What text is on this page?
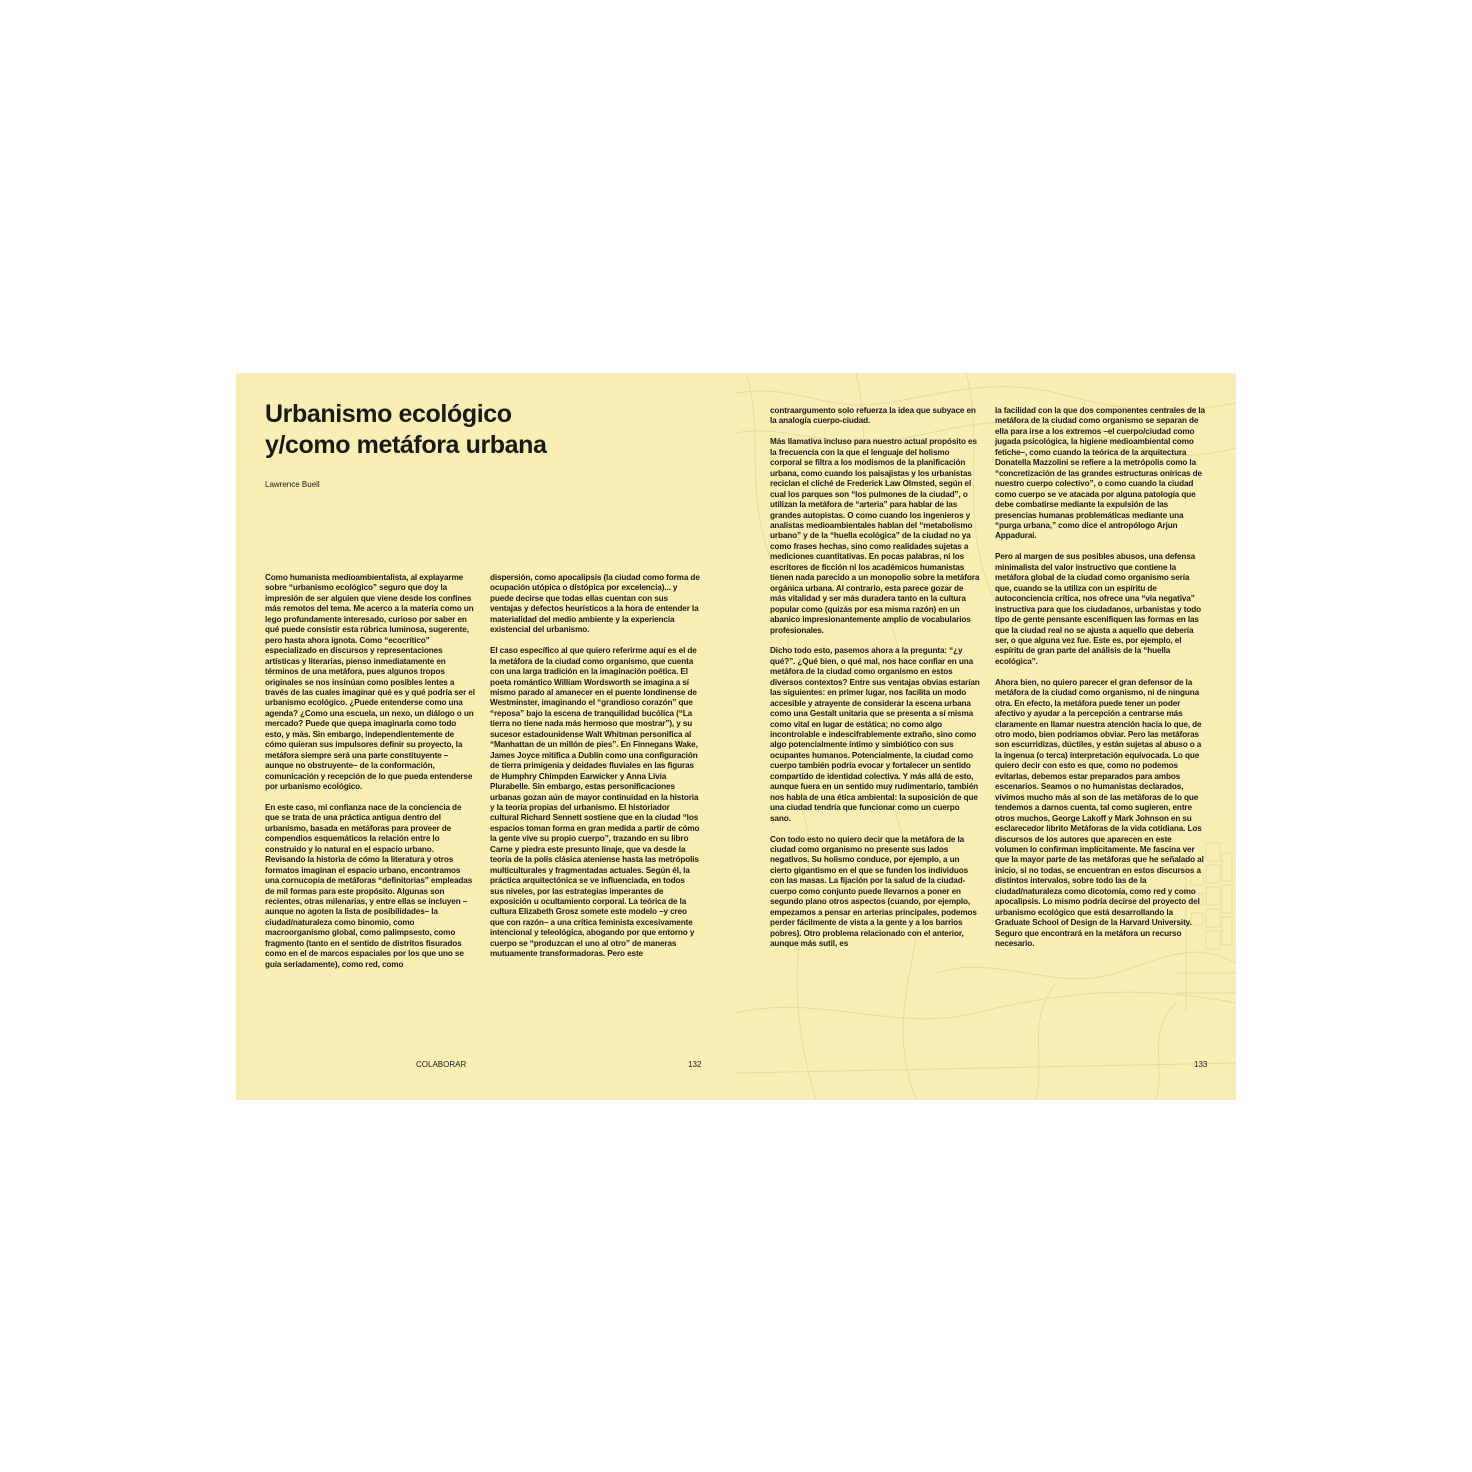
Urbanismo ecológico
y/como metáfora urbana
Lawrence Buell

Como humanista medioambientalista, al explayarme sobre “urbanismo ecológico” seguro que doy la impresión de ser alguien que viene desde los confines más remotos del tema. Me acerco a la materia como un lego profundamente interesado, curioso por saber en qué puede consistir esta rúbrica luminosa, sugerente, pero hasta ahora ignota. Como “ecocrítico” especializado en discursos y representaciones artísticas y literarias, pienso inmediatamente en términos de una metáfora, pues algunos tropos originales se nos insinúan como posibles lentes a través de las cuales imaginar qué es y qué podría ser el urbanismo ecológico. ¿Puede entenderse como una agenda? ¿Como una escuela, un nexo, un diálogo o un mercado? Puede que quepa imaginarla como todo esto, y más. Sin embargo, independientemente de cómo quieran sus impulsores definir su proyecto, la metáfora siempre será una parte constituyente –aunque no obstruyente– de la conformación, comunicación y recepción de lo que pueda entenderse por urbanismo ecológico.

En este caso, mi confianza nace de la conciencia de que se trata de una práctica antigua dentro del urbanismo, basada en metáforas para proveer de compendios esquemáticos la relación entre lo construido y lo natural en el espacio urbano. Revisando la historia de cómo la literatura y otros formatos imaginan el espacio urbano, encontramos una cornucopia de metáforas “definitorias” empleadas de mil formas para este propósito. Algunas son recientes, otras milenarias, y entre ellas se incluyen –aunque no agoten la lista de posibilidades– la ciudad/naturaleza como binomio, como macroorganismo global, como palimpsesto, como fragmento (tanto en el sentido de distritos fisurados como en el de marcos espaciales por los que uno se guía seriadamente), como red, como

dispersión, como apocalipsis (la ciudad como forma de ocupación utópica o distópica por excelencia)... y puede decirse que todas ellas cuentan con sus ventajas y defectos heurísticos a la hora de entender la materialidad del medio ambiente y la experiencia existencial del urbanismo.

El caso específico al que quiero referirme aquí es el de la metáfora de la ciudad como organismo, que cuenta con una larga tradición en la imaginación poética. El poeta romántico William Wordsworth se imagina a sí mismo parado al amanecer en el puente londinense de Westminster, imaginando el “grandioso corazón” que “reposa” bajo la escena de tranquilidad bucólica (“La tierra no tiene nada más hermoso que mostrar”), y su sucesor estadounidense Walt Whitman personifica al “Manhattan de un millón de pies”. En Finnegans Wake, James Joyce mitifica a Dublín como una configuración de tierra primigenia y deidades fluviales en las figuras de Humphry Chimpden Earwicker y Anna Livia Plurabelle. Sin embargo, estas personificaciones urbanas gozan aún de mayor continuidad en la historia y la teoría propias del urbanismo. El historiador cultural Richard Sennett sostiene que en la ciudad “los espacios toman forma en gran medida a partir de cómo la gente vive su propio cuerpo”, trazando en su libro Carne y piedra este presunto linaje, que va desde la teoría de la polis clásica ateniense hasta las metrópolis multiculturales y fragmentadas actuales. Según él, la práctica arquitectónica se ve influenciada, en todos sus niveles, por las estrategias imperantes de exposición u ocultamiento corporal. La teórica de la cultura Elizabeth Grosz somete este modelo –y creo que con razón– a una crítica feminista excesivamente intencional y teleológica, abogando por que entorno y cuerpo se “produzcan el uno al otro” de maneras mutuamente transformadoras. Pero este

contraargumento solo refuerza la idea que subyace en la analogía cuerpo-ciudad.

Más llamativa incluso para nuestro actual propósito es la frecuencia con la que el lenguaje del holismo corporal se filtra a los modismos de la planificación urbana, como cuando los paisajistas y los urbanistas reciclan el cliché de Frederick Law Olmsted, según el cual los parques son “los pulmones de la ciudad”, o utilizan la metáfora de “arteria” para hablar de las grandes autopistas. O como cuando los ingenieros y analistas medioambientales hablan del “metabolismo urbano” y de la “huella ecológica” de la ciudad no ya como frases hechas, sino como realidades sujetas a mediciones cuantitativas. En pocas palabras, ni los escritores de ficción ni los académicos humanistas tienen nada parecido a un monopolio sobre la metáfora orgánica urbana. Al contrario, esta parece gozar de más vitalidad y ser más duradera tanto en la cultura popular como (quizás por esa misma razón) en un abanico impresionantemente amplio de vocabularios profesionales.

Dicho todo esto, pasemos ahora a la pregunta: “¿y qué?”. ¿Qué bien, o qué mal, nos hace confiar en una metáfora de la ciudad como organismo en estos diversos contextos? Entre sus ventajas obvias estarían las siguientes: en primer lugar, nos facilita un modo accesible y atrayente de considerar la escena urbana como una Gestalt unitaria que se presenta a sí misma como vital en lugar de estática; no como algo incontrolable e indescifrablemente extraño, sino como algo potencialmente íntimo y simbiótico con sus ocupantes humanos. Potencialmente, la ciudad como cuerpo también podría evocar y fortalecer un sentido compartido de identidad colectiva. Y más allá de esto, aunque fuera en un sentido muy rudimentario, también nos habla de una ética ambiental: la suposición de que una ciudad tendría que funcionar como un cuerpo sano.

Con todo esto no quiero decir que la metáfora de la ciudad como organismo no presente sus lados negativos. Su holismo conduce, por ejemplo, a un cierto gigantismo en el que se funden los individuos con las masas. La fijación por la salud de la ciudad-cuerpo como conjunto puede llevarnos a poner en segundo plano otros aspectos (cuando, por ejemplo, empezamos a pensar en arterias principales, podemos perder fácilmente de vista a la gente y a los barrios pobres). Otro problema relacionado con el anterior, aunque más sutil, es

la facilidad con la que dos componentes centrales de la metáfora de la ciudad como organismo se separan de ella para irse a los extremos –el cuerpo/ciudad como jugada psicológica, la higiene medioambiental como fetiche–, como cuando la teórica de la arquitectura Donatella Mazzolini se refiere a la metrópolis como la “concretización de las grandes estructuras oníricas de nuestro cuerpo colectivo”, o como cuando la ciudad como cuerpo se ve atacada por alguna patología que debe combatirse mediante la expulsión de las presencias humanas problemáticas mediante una “purga urbana,” como dice el antropólogo Arjun Appadurai.

Pero al margen de sus posibles abusos, una defensa minimalista del valor instructivo que contiene la metáfora global de la ciudad como organismo sería que, cuando se la utiliza con un espíritu de autoconciencia crítica, nos ofrece una “vía negativa” instructiva para que los ciudadanos, urbanistas y todo tipo de gente pensante escenifiquen las formas en las que la ciudad real no se ajusta a aquello que debería ser, o que alguna vez fue. Este es, por ejemplo, el espíritu de gran parte del análisis de la “huella ecológica”.

Ahora bien, no quiero parecer el gran defensor de la metáfora de la ciudad como organismo, ni de ninguna otra. En efecto, la metáfora puede tener un poder afectivo y ayudar a la percepción a centrarse más claramente en llamar nuestra atención hacia lo que, de otro modo, bien podríamos obviar. Pero las metáforas son escurridizas, dúctiles, y están sujetas al abuso o a la ingenua (o terca) interpretación equivocada. Lo que quiero decir con esto es que, como no podemos evitarlas, debemos estar preparados para ambos escenarios. Seamos o no humanistas declarados, vivimos mucho más al son de las metáforas de lo que tendemos a darnos cuenta, tal como sugieren, entre otros muchos, George Lakoff y Mark Johnson en su esclarecedor librito Metáforas de la vida cotidiana. Los discursos de los autores que aparecen en este volumen lo confirman implícitamente. Me fascina ver que la mayor parte de las metáforas que he señalado al inicio, si no todas, se encuentran en estos discursos a distintos intervalos, sobre todo las de la ciudad/naturaleza como dicotomía, como red y como apocalipsis. Lo mismo podría decirse del proyecto del urbanismo ecológico que está desarrollando la Graduate School of Design de la Harvard University. Seguro que encontrará en la metáfora un recurso necesario.

COLABORAR	132	133
